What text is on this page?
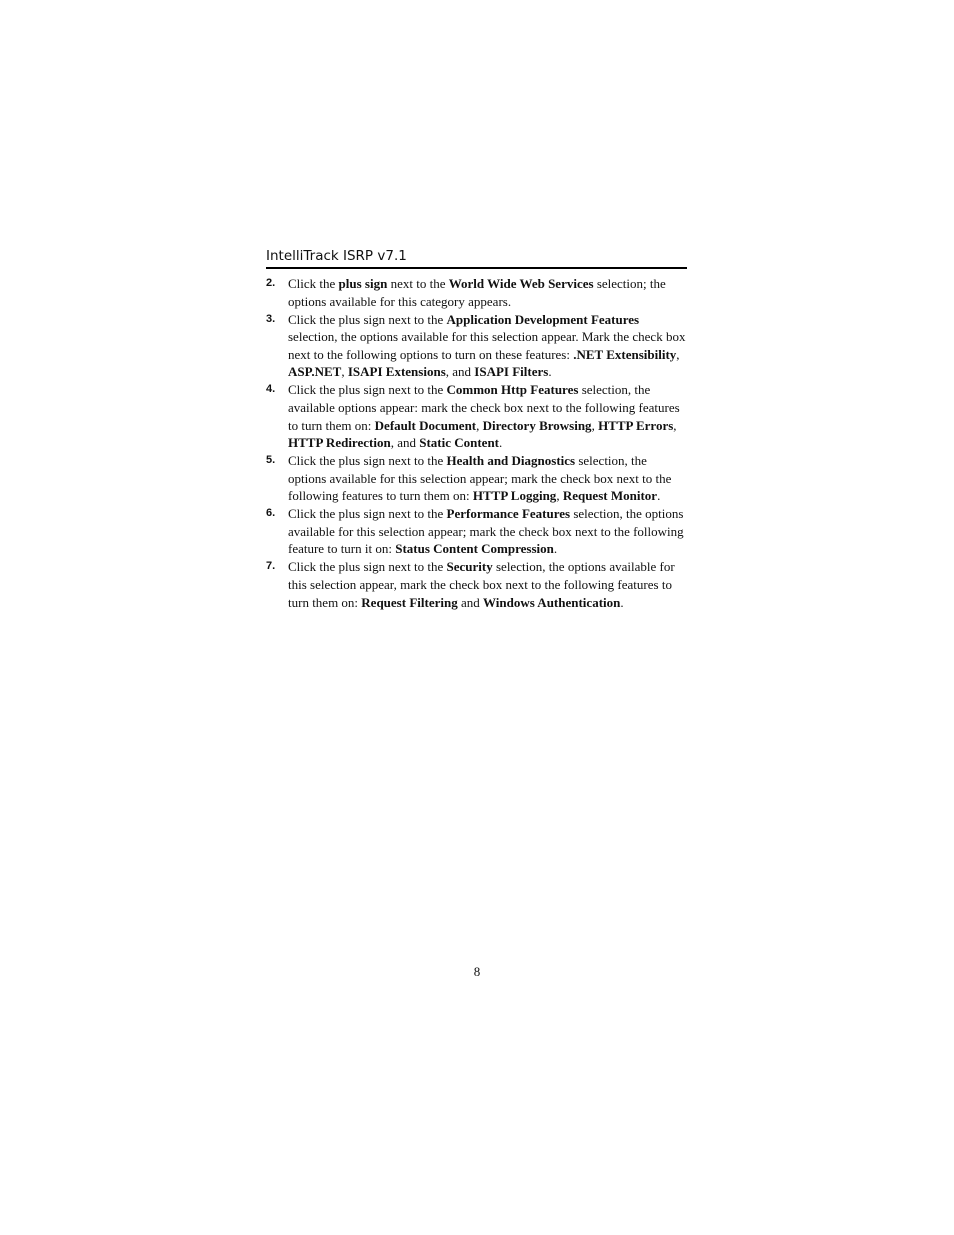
IntelliTrack ISRP v7.1
2. Click the plus sign next to the World Wide Web Services selection; the options available for this category appears.
3. Click the plus sign next to the Application Development Features selection, the options available for this selection appear. Mark the check box next to the following options to turn on these features: .NET Extensibility, ASP.NET, ISAPI Extensions, and ISAPI Filters.
4. Click the plus sign next to the Common Http Features selection, the available options appear: mark the check box next to the following features to turn them on: Default Document, Directory Browsing, HTTP Errors, HTTP Redirection, and Static Content.
5. Click the plus sign next to the Health and Diagnostics selection, the options available for this selection appear; mark the check box next to the following features to turn them on: HTTP Logging, Request Monitor.
6. Click the plus sign next to the Performance Features selection, the options available for this selection appear; mark the check box next to the following feature to turn it on: Status Content Compression.
7. Click the plus sign next to the Security selection, the options available for this selection appear, mark the check box next to the following features to turn them on: Request Filtering and Windows Authentication.
8
